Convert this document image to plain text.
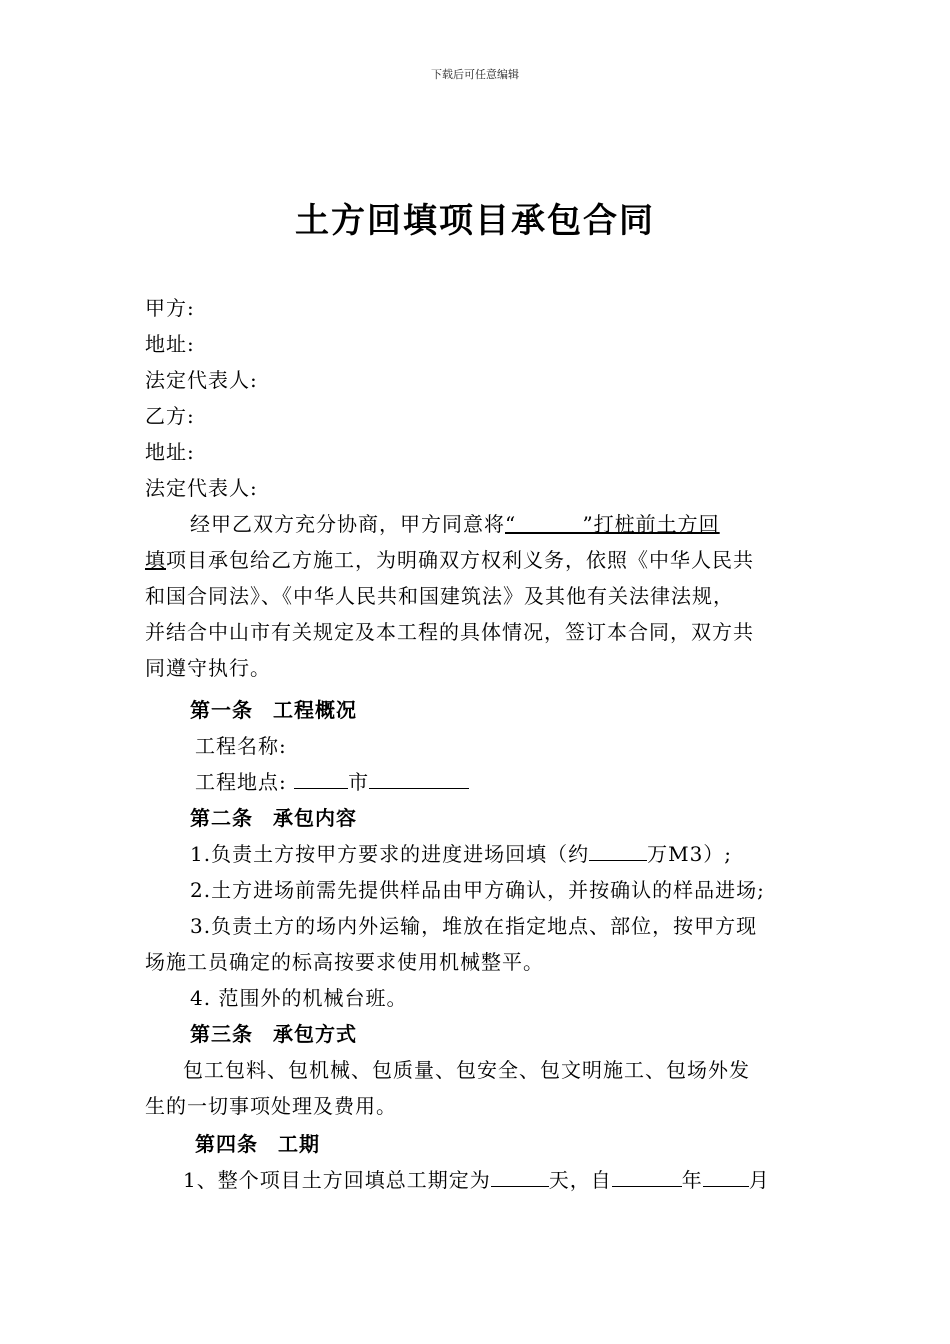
下载后可任意编辑
土方回填项目承包合同
甲方:
地址:
法定代表人:
乙方:
地址:
法定代表人:
经甲乙双方充分协商，甲方同意将“         ”打桩前土方回
填项目承包给乙方施工，为明确双方权利义务，依照《中华人民共
和国合同法》、《中华人民共和国建筑法》及其他有关法律法规，
并结合中山市有关规定及本工程的具体情况，签订本合同，双方共
同遵守执行。
第一条 工程概况
工程名称:
工程地点:	市
第二条 承包内容
1.负责土方按甲方要求的进度进场回填（约	万M3）;
2.土方进场前需先提供样品由甲方确认，并按确认的样品进场;
3.负责土方的场内外运输，堆放在指定地点、部位，按甲方现
场施工员确定的标高按要求使用机械整平。
4. 范围外的机械台班。
第三条 承包方式
包工包料、包机械、包质量、包安全、包文明施工、包场外发
生的一切事项处理及费用。
第四条 工期
1、整个项目土方回填总工期定为	天，自	年 月
